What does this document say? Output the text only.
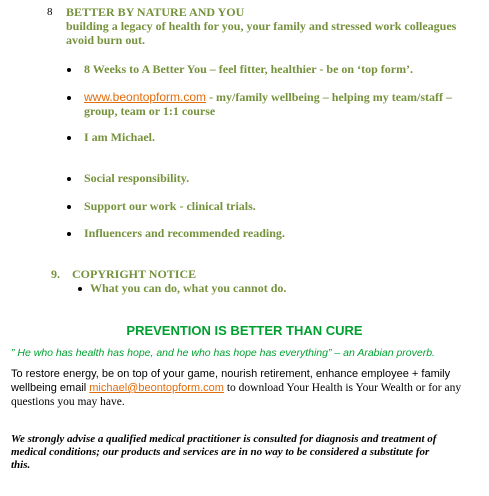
8 BETTER BY NATURE AND YOU
building a legacy of health for you, your family and stressed work colleagues
avoid burn out.
8 Weeks to A Better You – feel fitter, healthier - be on ‘top form’.
www.beontopform.com - my/family wellbeing – helping my team/staff –
group, team or 1:1 course
I am Michael.
Social responsibility.
Support our work - clinical trials.
Influencers and recommended reading.
9. COPYRIGHT NOTICE
What you can do, what you cannot do.
PREVENTION IS BETTER THAN CURE
” He who has health has hope, and he who has hope has everything” – an Arabian proverb.
To restore energy, be on top of your game, nourish retirement, enhance employee + family
wellbeing email michael@beontopform.com to download Your Health is Your Wealth or for any
questions you may have.
We strongly advise a qualified medical practitioner is consulted for diagnosis and treatment of
medical conditions; our products and services are in no way to be considered a substitute for
this.
